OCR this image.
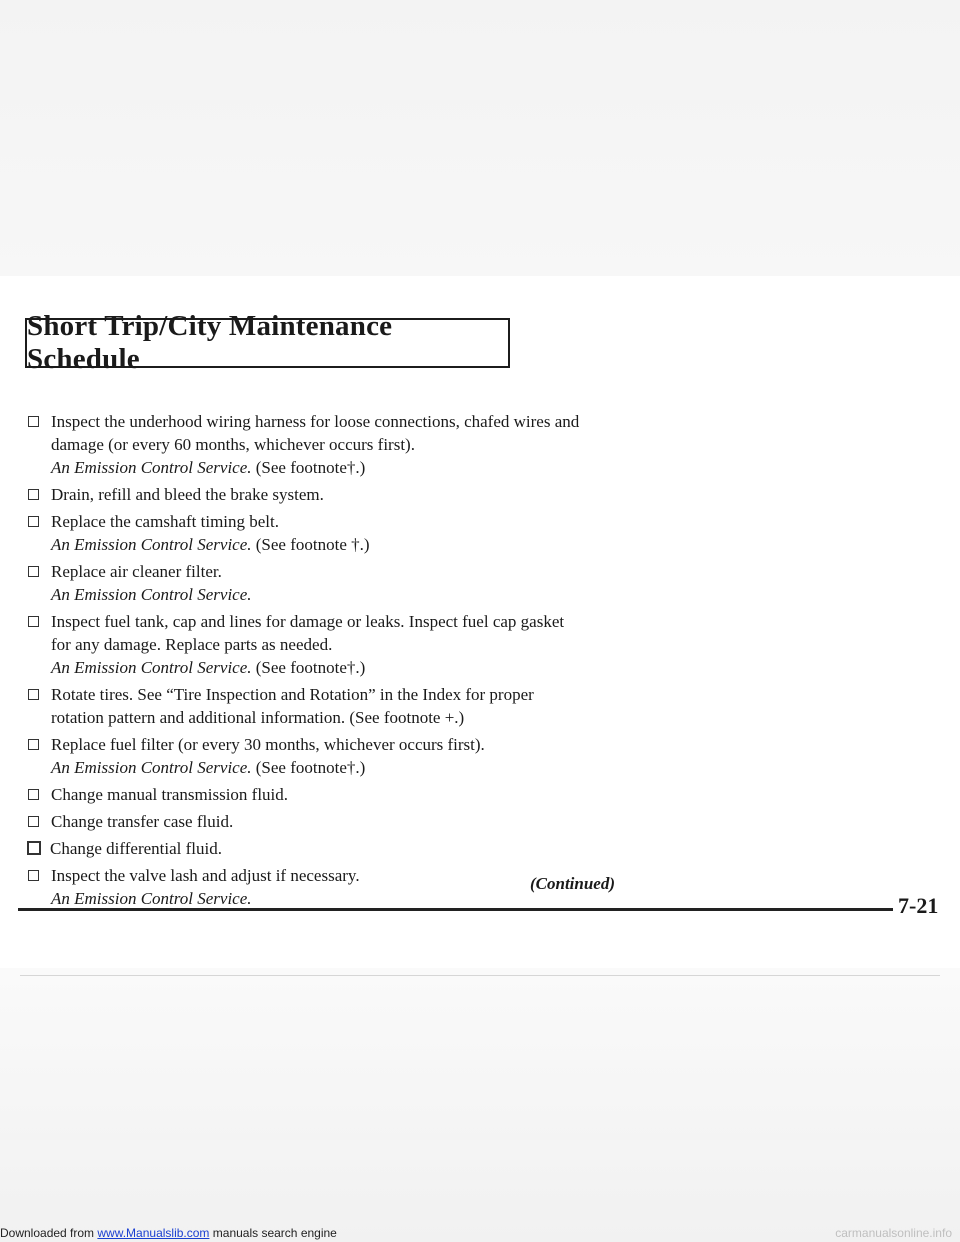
Short Trip/City Maintenance Schedule
Inspect the underhood wiring harness for loose connections, chafed wires and
damage (or every 60 months, whichever occurs first).
An Emission Control Service. (See footnote†.)
Drain, refill and bleed the brake system.
Replace the camshaft timing belt.
An Emission Control Service. (See footnote †.)
Replace air cleaner filter.
An Emission Control Service.
Inspect fuel tank, cap and lines for damage or leaks. Inspect fuel cap gasket
for any damage. Replace parts as needed.
An Emission Control Service. (See footnote†.)
Rotate tires. See “Tire Inspection and Rotation” in the Index for proper
rotation pattern and additional information. (See footnote +.)
Replace fuel filter (or every 30 months, whichever occurs first).
An Emission Control Service. (See footnote†.)
Change manual transmission fluid.
Change transfer case fluid.
Change differential fluid.
Inspect the valve lash and adjust if necessary.
An Emission Control Service.
(Continued)
7-21
Downloaded from www.Manualslib.com manuals search engine	carmanualsonline.info
